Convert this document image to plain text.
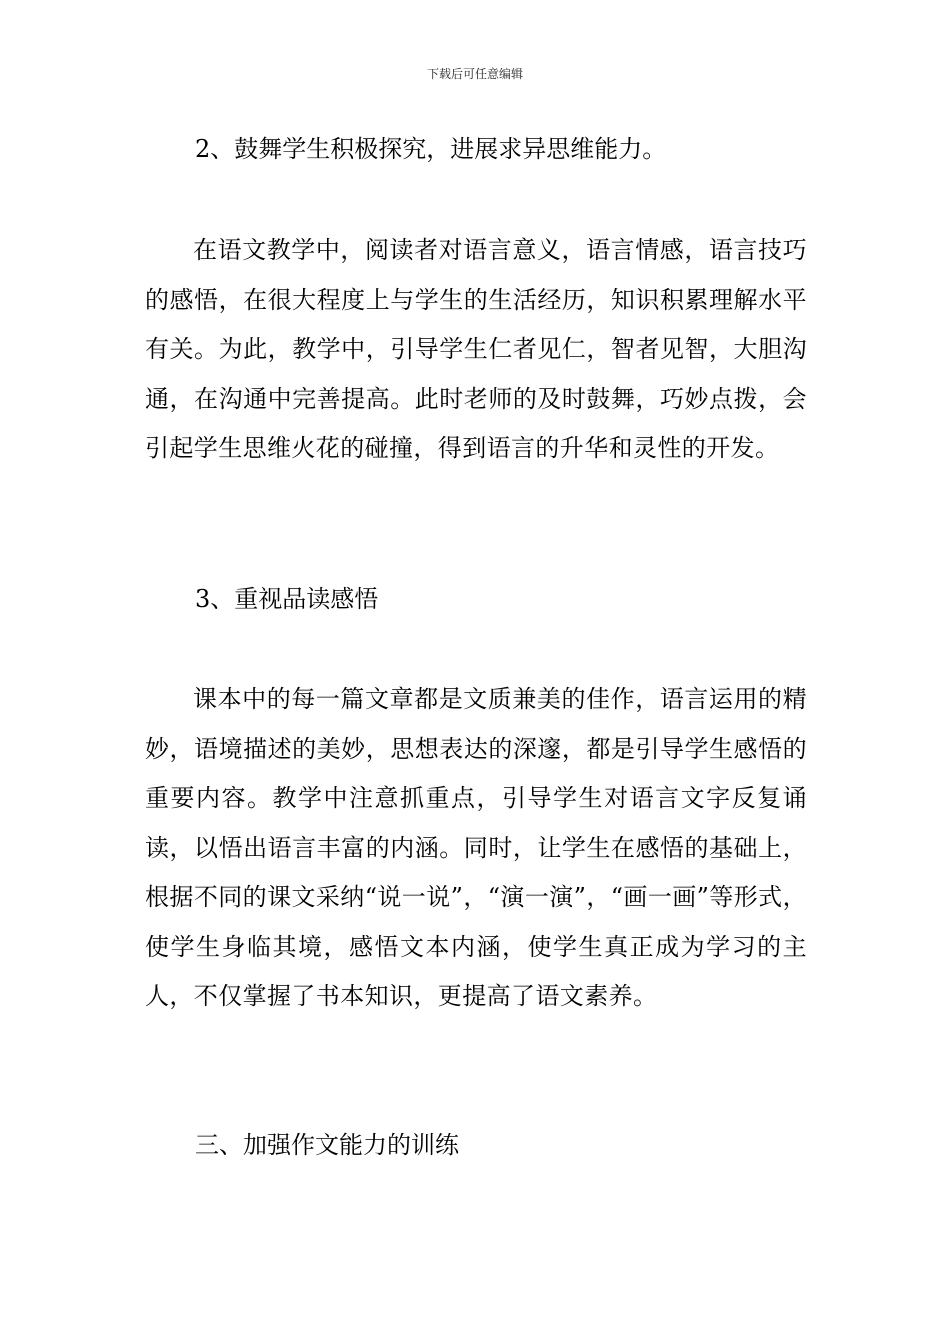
下载后可任意编辑
2、鼓舞学生积极探究，进展求异思维能力。
在语文教学中，阅读者对语言意义，语言情感，语言技巧的感悟，在很大程度上与学生的生活经历，知识积累理解水平有关。为此，教学中，引导学生仁者见仁，智者见智，大胆沟通，在沟通中完善提高。此时老师的及时鼓舞，巧妙点拨，会引起学生思维火花的碰撞，得到语言的升华和灵性的开发。
3、重视品读感悟
课本中的每一篇文章都是文质兼美的佳作，语言运用的精妙，语境描述的美妙，思想表达的深邃，都是引导学生感悟的重要内容。教学中注意抓重点，引导学生对语言文字反复诵读，以悟出语言丰富的内涵。同时，让学生在感悟的基础上，根据不同的课文采纳“说一说”，“演一演”，“画一画”等形式，使学生身临其境，感悟文本内涵，使学生真正成为学习的主人，不仅掌握了书本知识，更提高了语文素养。
三、加强作文能力的训练
